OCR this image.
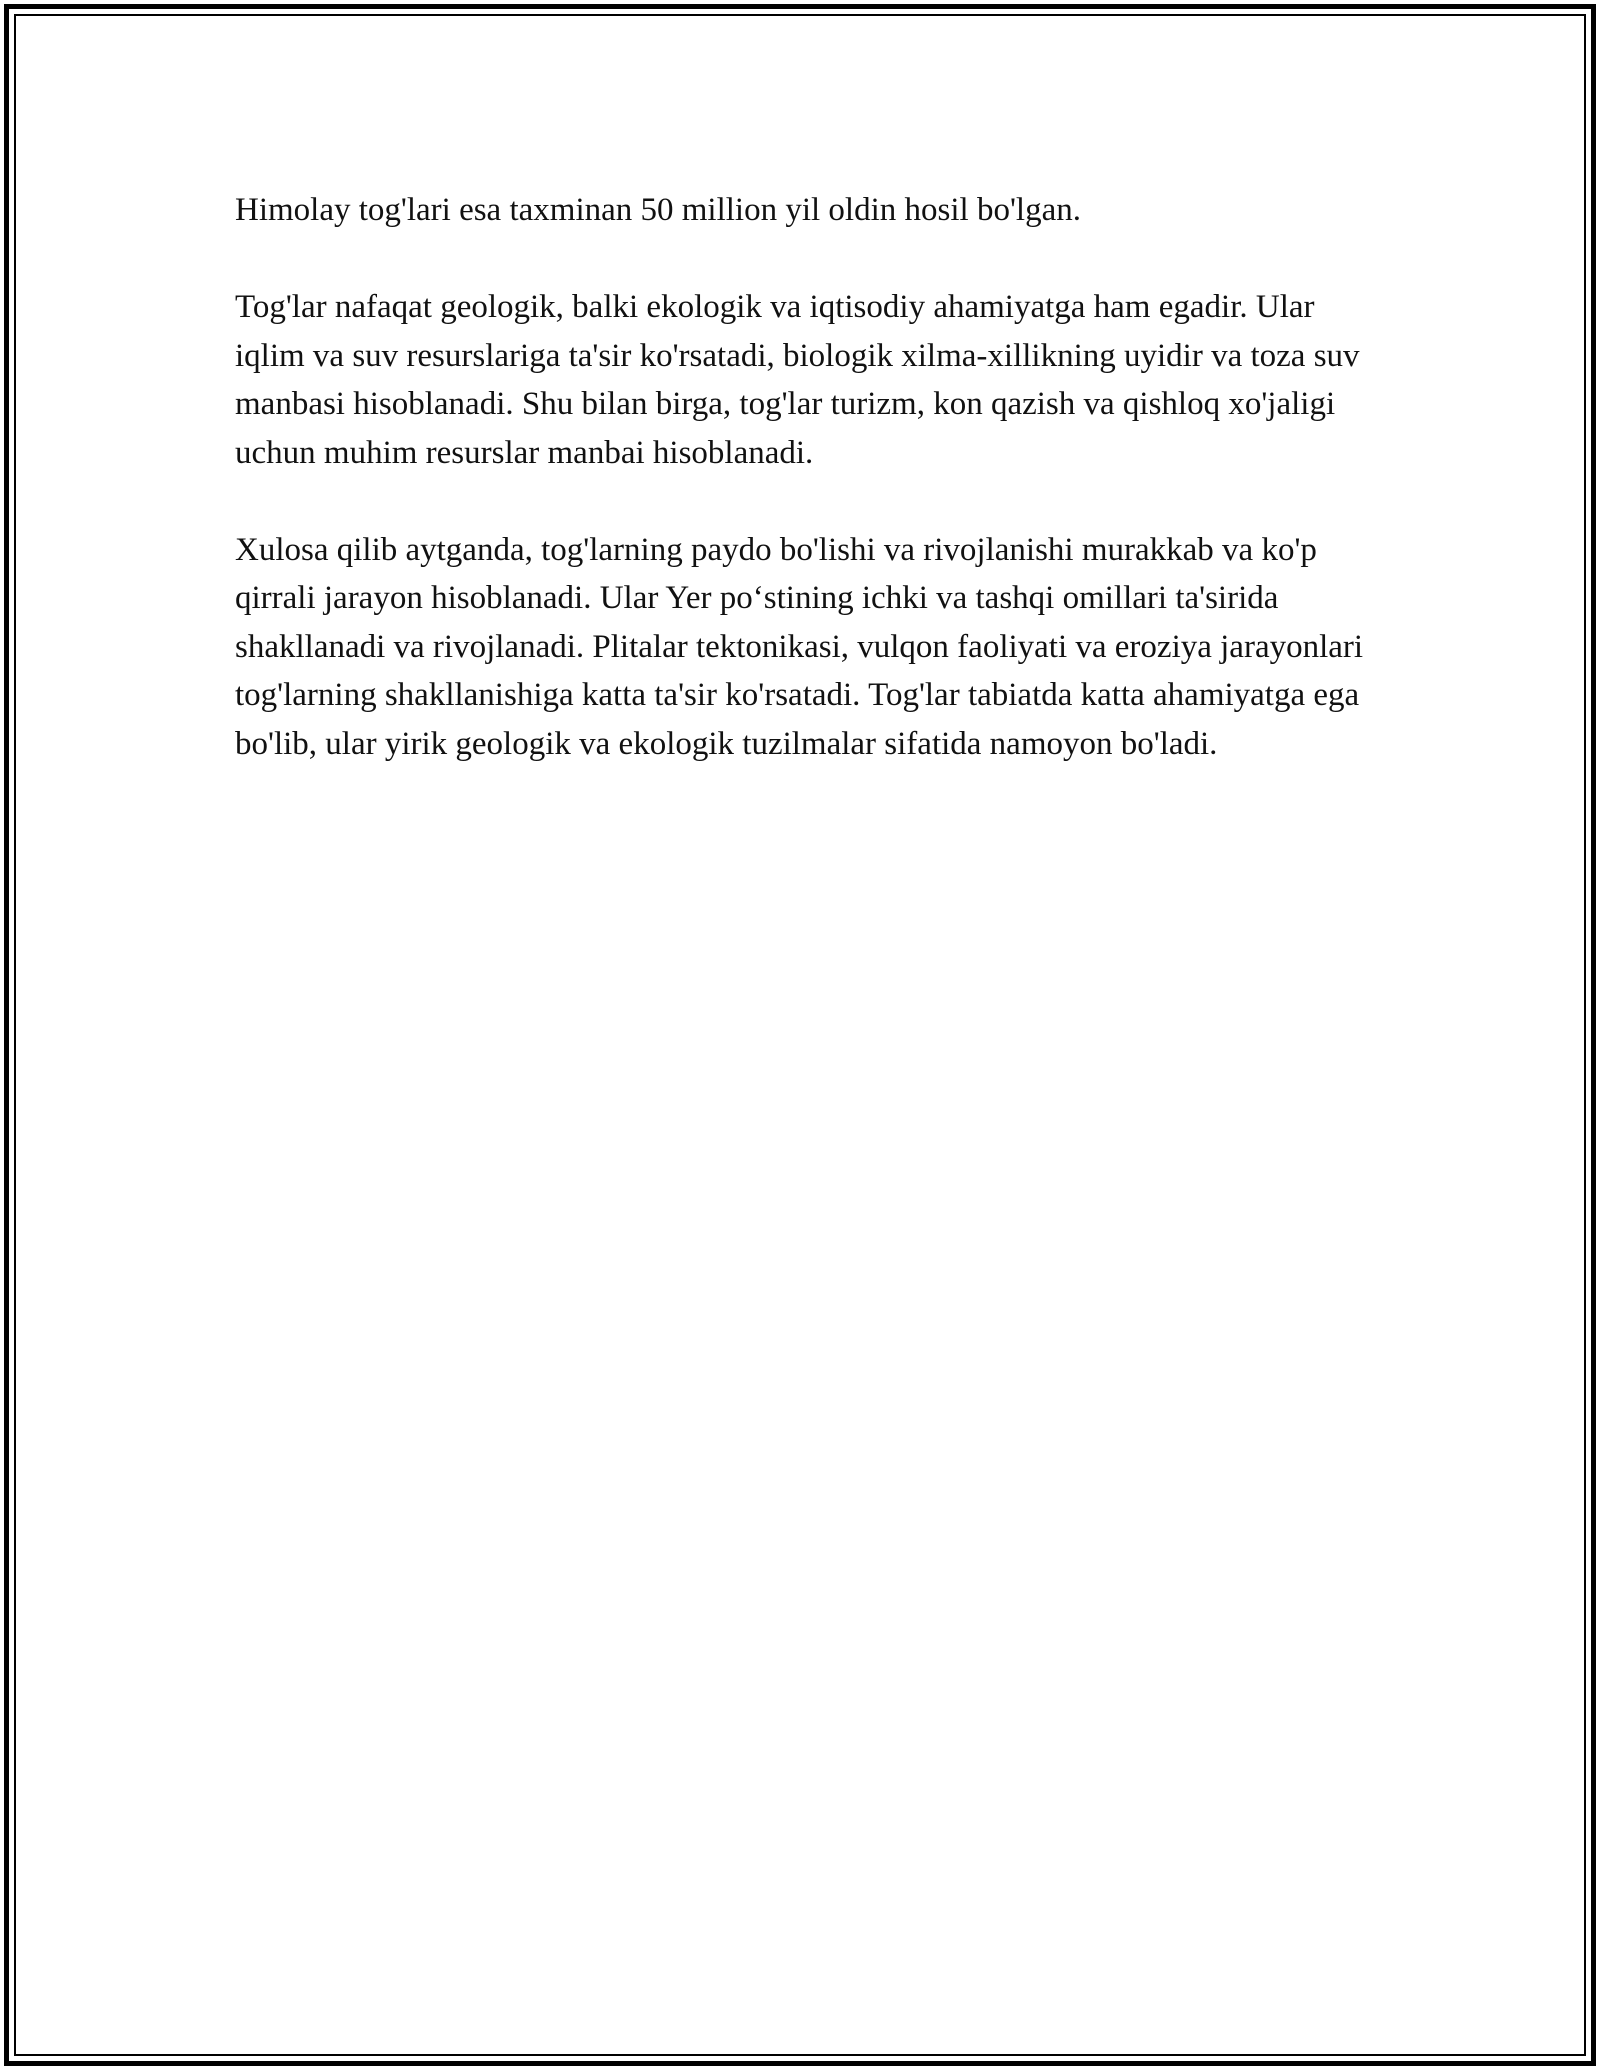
Himolay tog'lari esa taxminan 50 million yil oldin hosil bo'lgan.

Tog'lar nafaqat geologik, balki ekologik va iqtisodiy ahamiyatga ham egadir. Ular iqlim va suv resurslariga ta'sir ko'rsatadi, biologik xilma-xillikning uyidir va toza suv manbasi hisoblanadi. Shu bilan birga, tog'lar turizm, kon qazish va qishloq xo'jaligi uchun muhim resurslar manbai hisoblanadi.

Xulosa qilib aytganda, tog'larning paydo bo'lishi va rivojlanishi murakkab va ko'p qirrali jarayon hisoblanadi. Ular Yer po‘stining ichki va tashqi omillari ta'sirida shakllanadi va rivojlanadi. Plitalar tektonikasi, vulqon faoliyati va eroziya jarayonlari tog'larning shakllanishiga katta ta'sir ko'rsatadi. Tog'lar tabiatda katta ahamiyatga ega bo'lib, ular yirik geologik va ekologik tuzilmalar sifatida namoyon bo'ladi.
